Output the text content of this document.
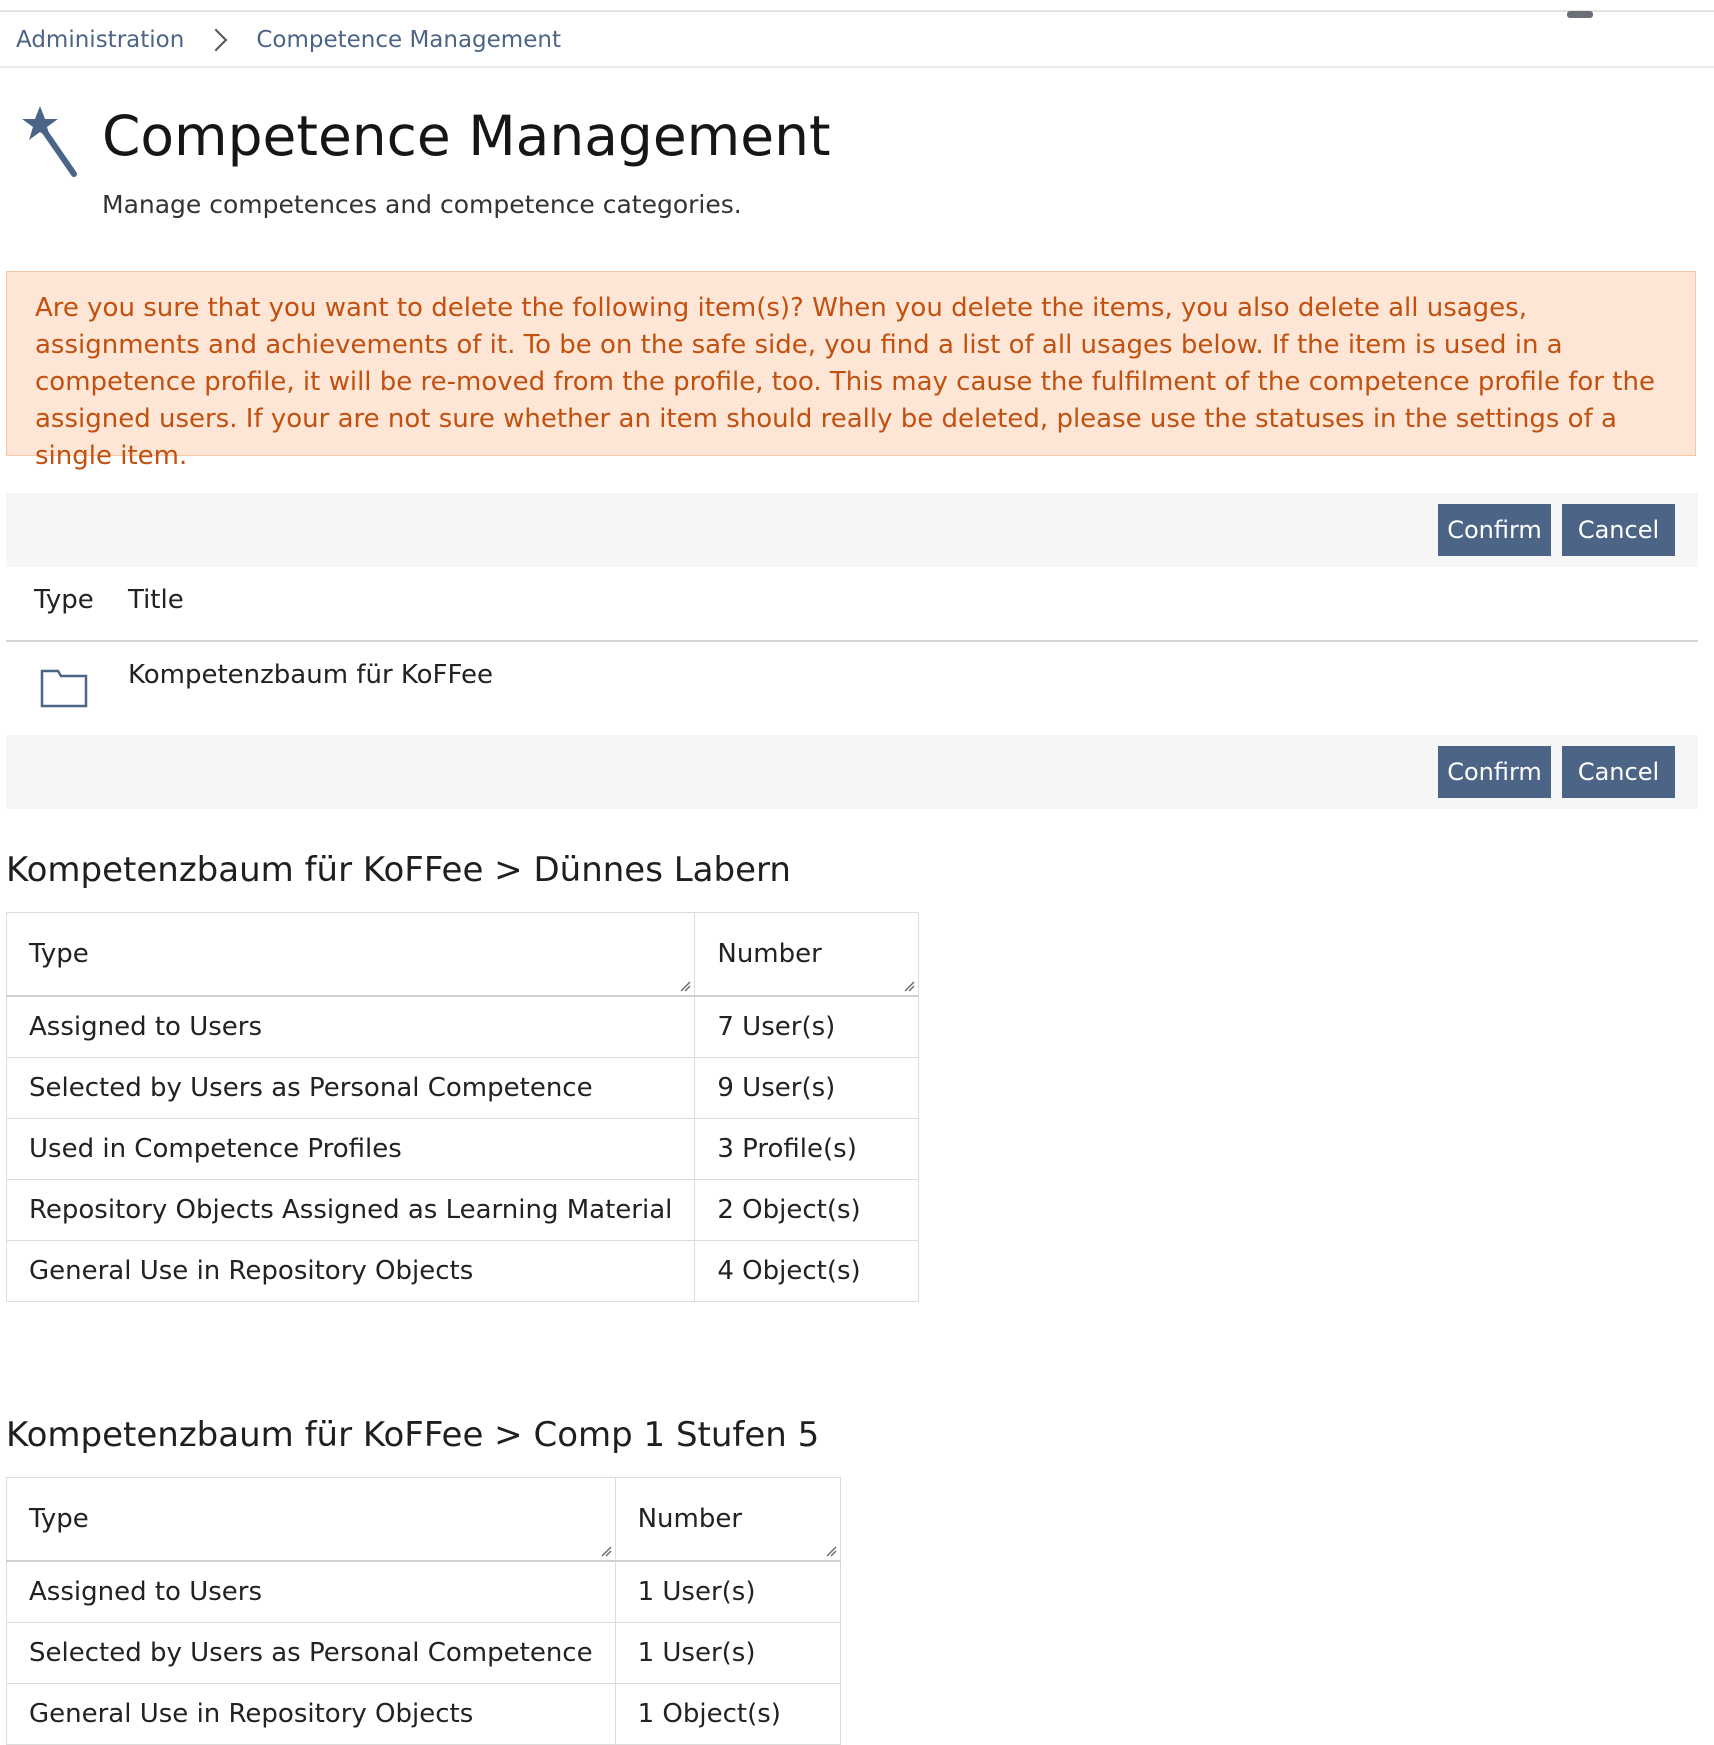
Administration	Competence Management
Competence Management
Manage competences and competence categories.
Are you sure that you want to delete the following item(s)? When you delete the items, you also delete all usages, assignments and achievements of it. To be on the safe side, you find a list of all usages below. If the item is used in a competence profile, it will be re-moved from the profile, too. This may cause the fulfilment of the competence profile for the assigned users. If your are not sure whether an item should really be deleted, please use the statuses in the settings of a single item.
Confirm	Cancel
Type Title
Kompetenzbaum für KoFFee
Confirm	Cancel
Kompetenzbaum für KoFFee > Dünnes Labern
Type	Number

Assigned to Users	7 User(s)
Selected by Users as Personal Competence	9 User(s)
Used in Competence Profiles	3 Profile(s)
Repository Objects Assigned as Learning Material	2 Object(s)
General Use in Repository Objects	4 Object(s)
Kompetenzbaum für KoFFee > Comp 1 Stufen 5
Type	Number

Assigned to Users	1 User(s)
Selected by Users as Personal Competence	1 User(s)
General Use in Repository Objects	1 Object(s)
